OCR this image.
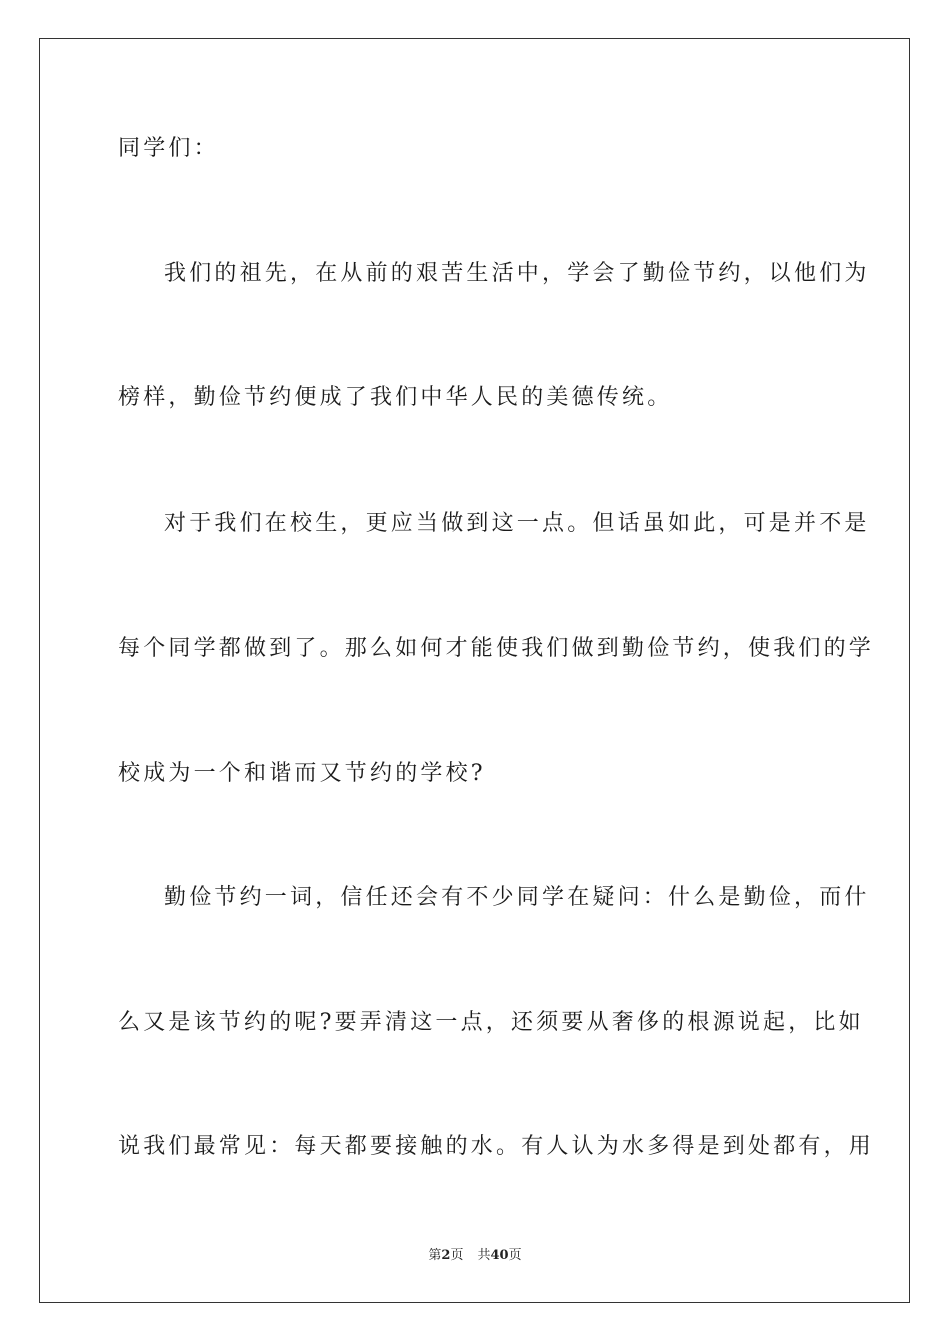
同学们：
我们的祖先，在从前的艰苦生活中，学会了勤俭节约，以他们为
榜样，勤俭节约便成了我们中华人民的美德传统。
对于我们在校生，更应当做到这一点。但话虽如此，可是并不是
每个同学都做到了。那么如何才能使我们做到勤俭节约，使我们的学
校成为一个和谐而又节约的学校?
勤俭节约一词，信任还会有不少同学在疑问：什么是勤俭，而什
么又是该节约的呢?要弄清这一点，还须要从奢侈的根源说起，比如
说我们最常见：每天都要接触的水。有人认为水多得是到处都有，用
第2页 共40页
